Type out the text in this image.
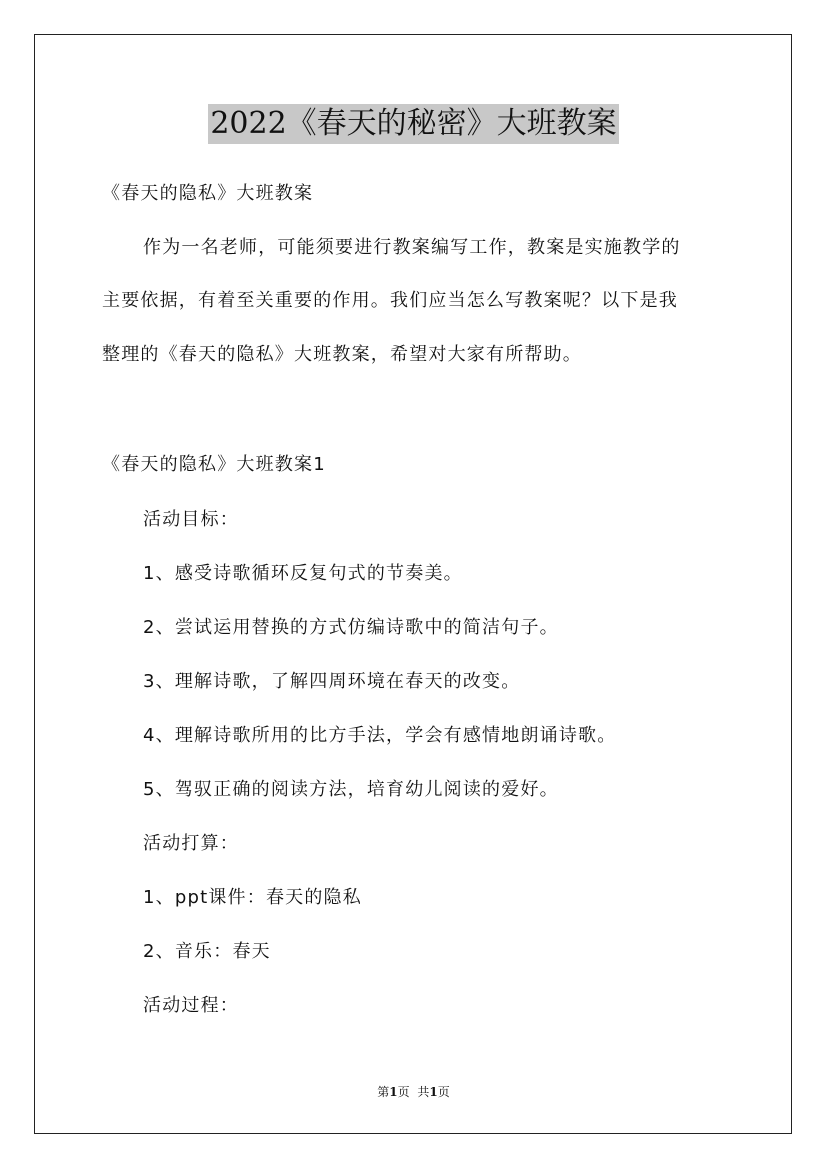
2022《春天的秘密》大班教案
《春天的隐私》大班教案
作为一名老师，可能须要进行教案编写工作，教案是实施教学的
主要依据，有着至关重要的作用。我们应当怎么写教案呢？以下是我
整理的《春天的隐私》大班教案，希望对大家有所帮助。
《春天的隐私》大班教案1
活动目标：
1、感受诗歌循环反复句式的节奏美。
2、尝试运用替换的方式仿编诗歌中的简洁句子。
3、理解诗歌，了解四周环境在春天的改变。
4、理解诗歌所用的比方手法，学会有感情地朗诵诗歌。
5、驾驭正确的阅读方法，培育幼儿阅读的爱好。
活动打算：
1、ppt课件：春天的隐私
2、音乐：春天
活动过程：
第1页 共1页
